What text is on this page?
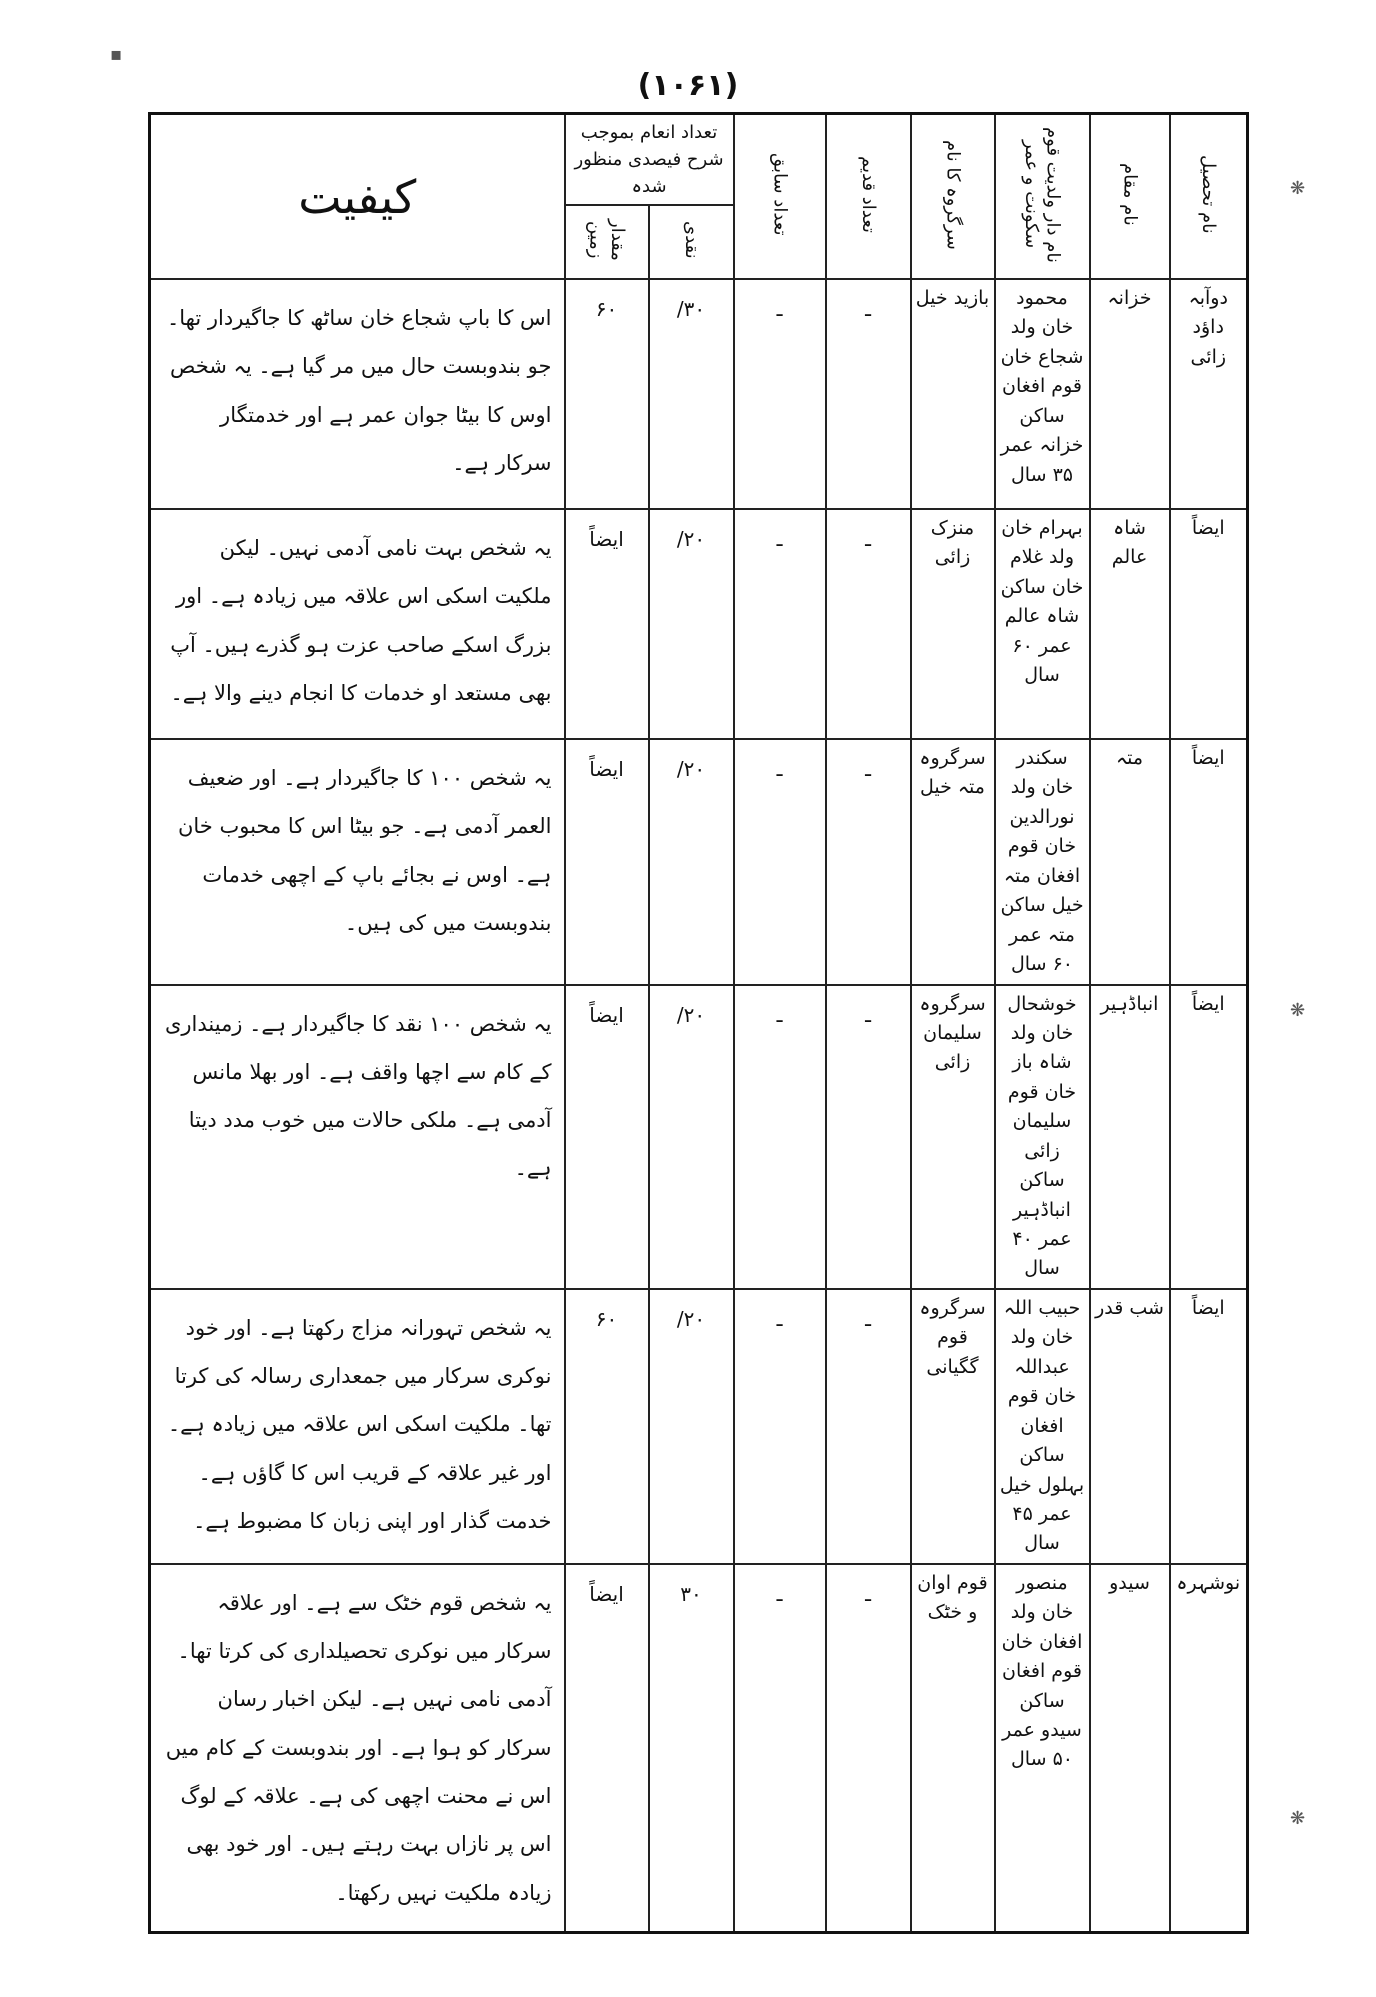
(۱۰۶۱)
▪
❋
❋
❋
نام تحصیل	نام مقام	نام دار ولدیت قوم سکونت و عمر	سرگروہ کا نام	تعداد قدیم	تعداد سابق	تعداد انعام بموجب شرح فیصدی منظور شدہ		کیفیت
						نقدی	مقدار زمین	
دوآبہ داؤد زائی	خزانہ	محمود خان ولد شجاع خان قوم افغان ساکن خزانہ عمر ۳۵ سال	بازید خیل	ـ	ـ	۳۰/	۶۰	اس کا باپ شجاع خان ساٹھ کا جاگیردار تھا۔ جو بندوبست حال میں مر گیا ہے۔ یہ شخص اوس کا بیٹا جوان عمر ہے اور خدمتگار سرکار ہے۔
ایضاً	شاہ عالم	بہرام خان ولد غلام خان ساکن شاہ عالم عمر ۶۰ سال	منزک زائی	ـ	ـ	۲۰/	ایضاً	یہ شخص بہت نامی آدمی نہیں۔ لیکن ملکیت اسکی اس علاقہ میں زیادہ ہے۔ اور بزرگ اسکے صاحب عزت ہو گذرے ہیں۔ آپ بھی مستعد او خدمات کا انجام دینے والا ہے۔
ایضاً	متہ	سکندر خان ولد نورالدین خان قوم افغان متہ خیل ساکن متہ عمر ۶۰ سال	سرگروہ متہ خیل	ـ	ـ	۲۰/	ایضاً	یہ شخص ۱۰۰ کا جاگیردار ہے۔ اور ضعیف العمر آدمی ہے۔ جو بیٹا اس کا محبوب خان ہے۔ اوس نے بجائے باپ کے اچھی خدمات بندوبست میں کی ہیں۔
ایضاً	انباڈہیر	خوشحال خان ولد شاہ باز خان قوم سلیمان زائی ساکن انباڈہیر عمر ۴۰ سال	سرگروہ سلیمان زائی	ـ	ـ	۲۰/	ایضاً	یہ شخص ۱۰۰ نقد کا جاگیردار ہے۔ زمینداری کے کام سے اچھا واقف ہے۔ اور بھلا مانس آدمی ہے۔ ملکی حالات میں خوب مدد دیتا ہے۔
ایضاً	شب قدر	حبیب اللہ خان ولد عبداللہ خان قوم افغان ساکن بہلول خیل عمر ۴۵ سال	سرگروہ قوم گگیانی	ـ	ـ	۲۰/	۶۰	یہ شخص تہورانہ مزاج رکھتا ہے۔ اور خود نوکری سرکار میں جمعداری رسالہ کی کرتا تھا۔ ملکیت اسکی اس علاقہ میں زیادہ ہے۔ اور غیر علاقہ کے قریب اس کا گاؤں ہے۔ خدمت گذار اور اپنی زبان کا مضبوط ہے۔
نوشہرہ	سیدو	منصور خان ولد افغان خان قوم افغان ساکن سیدو عمر ۵۰ سال	قوم اوان و خٹک	ـ	ـ	۳۰	ایضاً	یہ شخص قوم خٹک سے ہے۔ اور علاقہ سرکار میں نوکری تحصیلداری کی کرتا تھا۔ آدمی نامی نہیں ہے۔ لیکن اخبار رسان سرکار کو ہوا ہے۔ اور بندوبست کے کام میں اس نے محنت اچھی کی ہے۔ علاقہ کے لوگ اس پر نازاں بہت رہتے ہیں۔ اور خود بھی زیادہ ملکیت نہیں رکھتا۔
